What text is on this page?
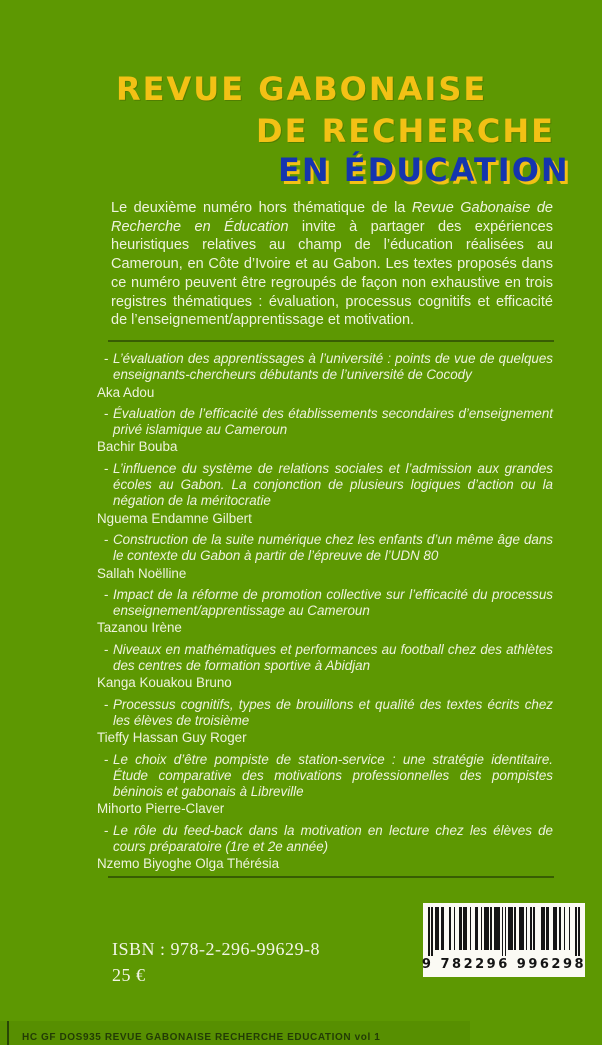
REVUE GABONAISE
DE RECHERCHE
EN ÉDUCATION

Le deuxième numéro hors thématique de la Revue Gabonaise de Recherche en Éducation invite à partager des expériences heuristiques relatives au champ de l’éducation réalisées au Cameroun, en Côte d’Ivoire et au Gabon. Les textes proposés dans ce numéro peuvent être regroupés de façon non exhaustive en trois registres thématiques : évaluation, processus cognitifs et efficacité de l’enseignement/apprentissage et motivation.

- L’évaluation des apprentissages à l’université : points de vue de quelques enseignants-chercheurs débutants de l’université de Cocody
Aka Adou
- Évaluation de l’efficacité des établissements secondaires d’enseignement privé islamique au Cameroun
Bachir Bouba
- L’influence du système de relations sociales et l’admission aux grandes écoles au Gabon. La conjonction de plusieurs logiques d’action ou la négation de la méritocratie
Nguema Endamne Gilbert
- Construction de la suite numérique chez les enfants d’un même âge dans le contexte du Gabon à partir de l’épreuve de l’UDN 80
Sallah Noëlline
- Impact de la réforme de promotion collective sur l’efficacité du processus enseignement/apprentissage au Cameroun
Tazanou Irène
- Niveaux en mathématiques et performances au football chez des athlètes des centres de formation sportive à Abidjan
Kanga Kouakou Bruno
- Processus cognitifs, types de brouillons et qualité des textes écrits chez les élèves de troisième
Tieffy Hassan Guy Roger
- Le choix d’être pompiste de station-service : une stratégie identitaire. Étude comparative des motivations professionnelles des pompistes béninois et gabonais à Libreville
Mihorto Pierre-Claver
- Le rôle du feed-back dans la motivation en lecture chez les élèves de cours préparatoire (1re et 2e année)
Nzemo Biyoghe Olga Thérésia
ISBN : 978-2-296-99629-8
25 €
9 782296 996298
HC GF DOS935 REVUE GABONAISE RECHERCHE EDUCATION vol 1
